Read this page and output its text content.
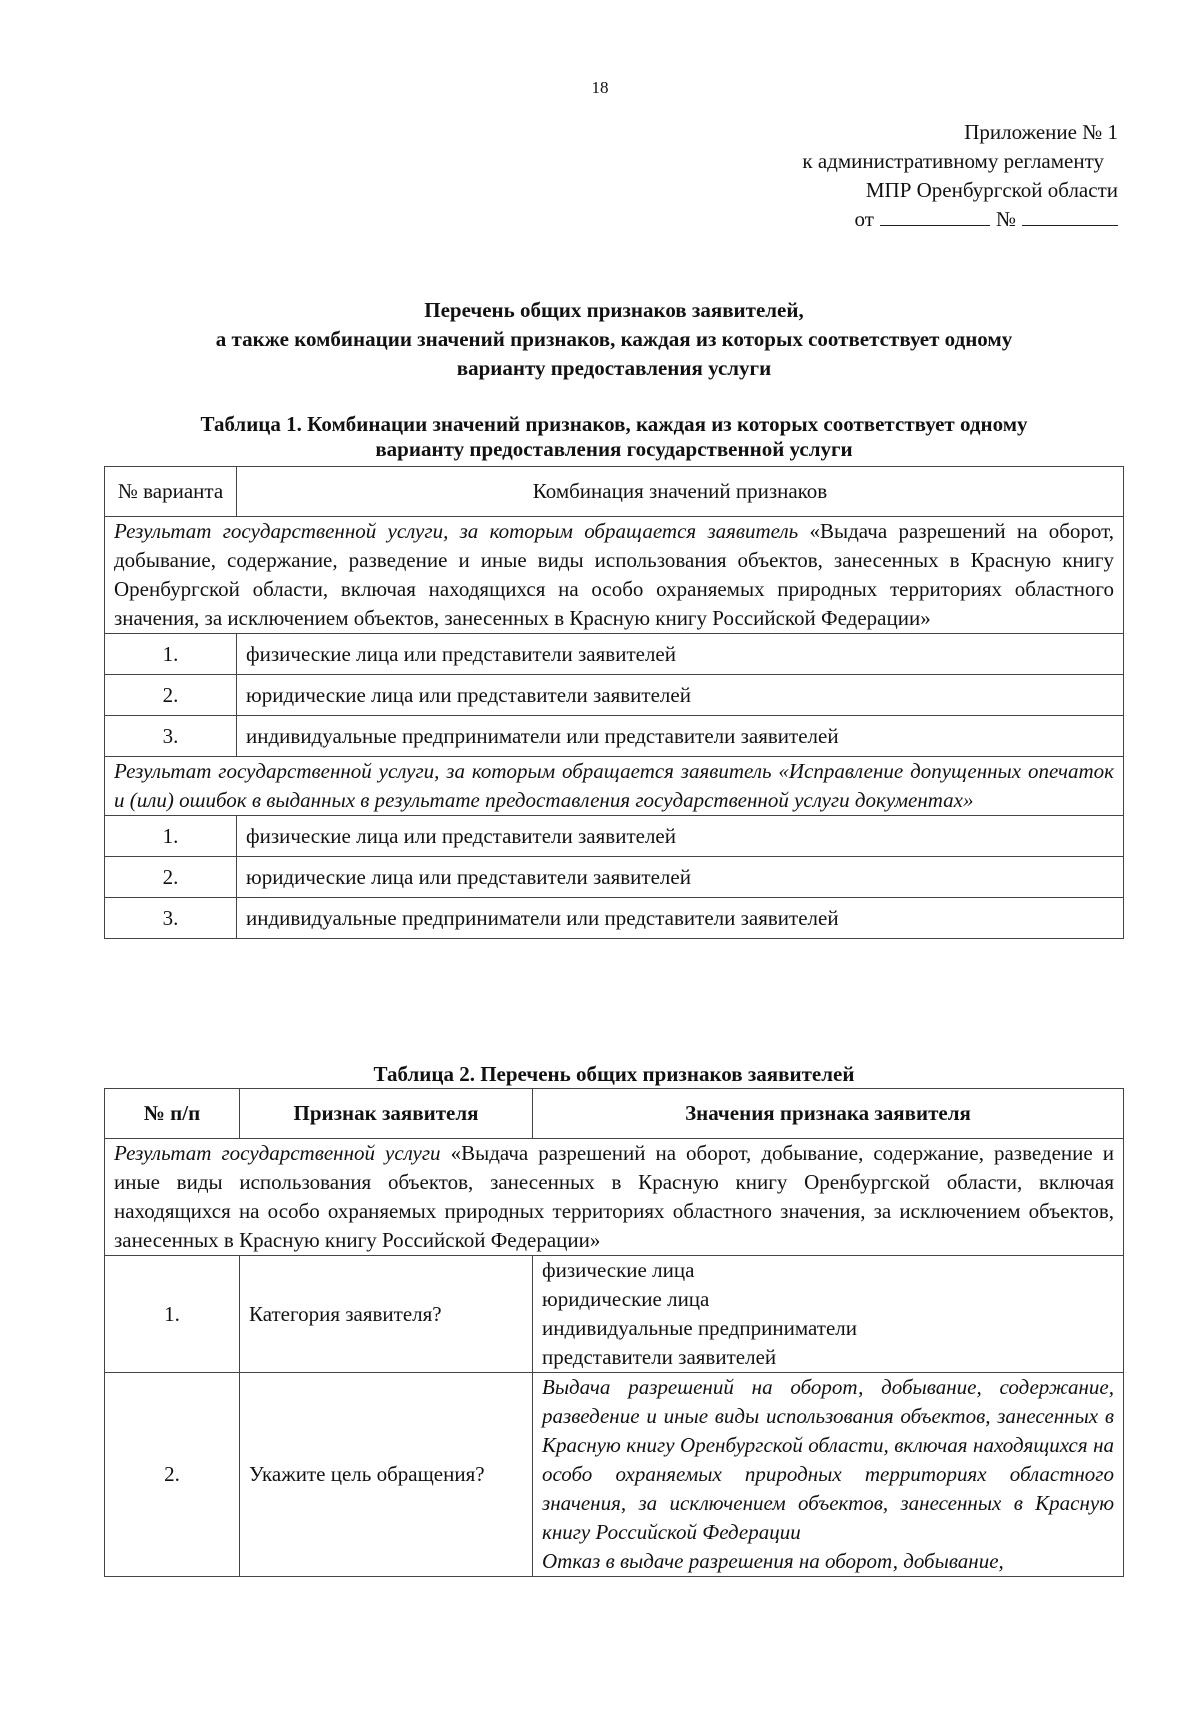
18
Приложение № 1
к административному регламенту
МПР Оренбургской области
от	№
Перечень общих признаков заявителей,
а также комбинации значений признаков, каждая из которых соответствует одному
варианту предоставления услуги
Таблица 1. Комбинации значений признаков, каждая из которых соответствует одному
варианту предоставления государственной услуги
№ варианта	Комбинация значений признаков
Результат государственной услуги, за которым обращается заявитель «Выдача разрешений на оборот, добывание, содержание, разведение и иные виды использования объектов, занесенных в Красную книгу Оренбургской области, включая находящихся на особо охраняемых природных территориях областного значения, за исключением объектов, занесенных в Красную книгу Российской Федерации»	
1.	физические лица или представители заявителей
2.	юридические лица или представители заявителей
3.	индивидуальные предприниматели или представители заявителей
Результат государственной услуги, за которым обращается заявитель «Исправление допущенных опечаток и (или) ошибок в выданных в результате предоставления государственной услуги документах»	
1.	физические лица или представители заявителей
2.	юридические лица или представители заявителей
3.	индивидуальные предприниматели или представители заявителей
Таблица 2. Перечень общих признаков заявителей
№ п/п	Признак заявителя	Значения признака заявителя
Результат государственной услуги «Выдача разрешений на оборот, добывание, содержание, разведение и иные виды использования объектов, занесенных в Красную книгу Оренбургской области, включая находящихся на особо охраняемых природных территориях областного значения, за исключением объектов, занесенных в Красную книгу Российской Федерации»		
1.	Категория заявителя?	физические лица
юридические лица
индивидуальные предприниматели
представители заявителей

2.	Укажите цель обращения?	Выдача разрешений на оборот, добывание, содержание, разведение и иные виды использования объектов, занесенных в Красную книгу Оренбургской области, включая находящихся на особо охраняемых природных территориях областного значения, за исключением объектов, занесенных в Красную книгу Российской Федерации
Отказ в выдаче разрешения на оборот, добывание,
